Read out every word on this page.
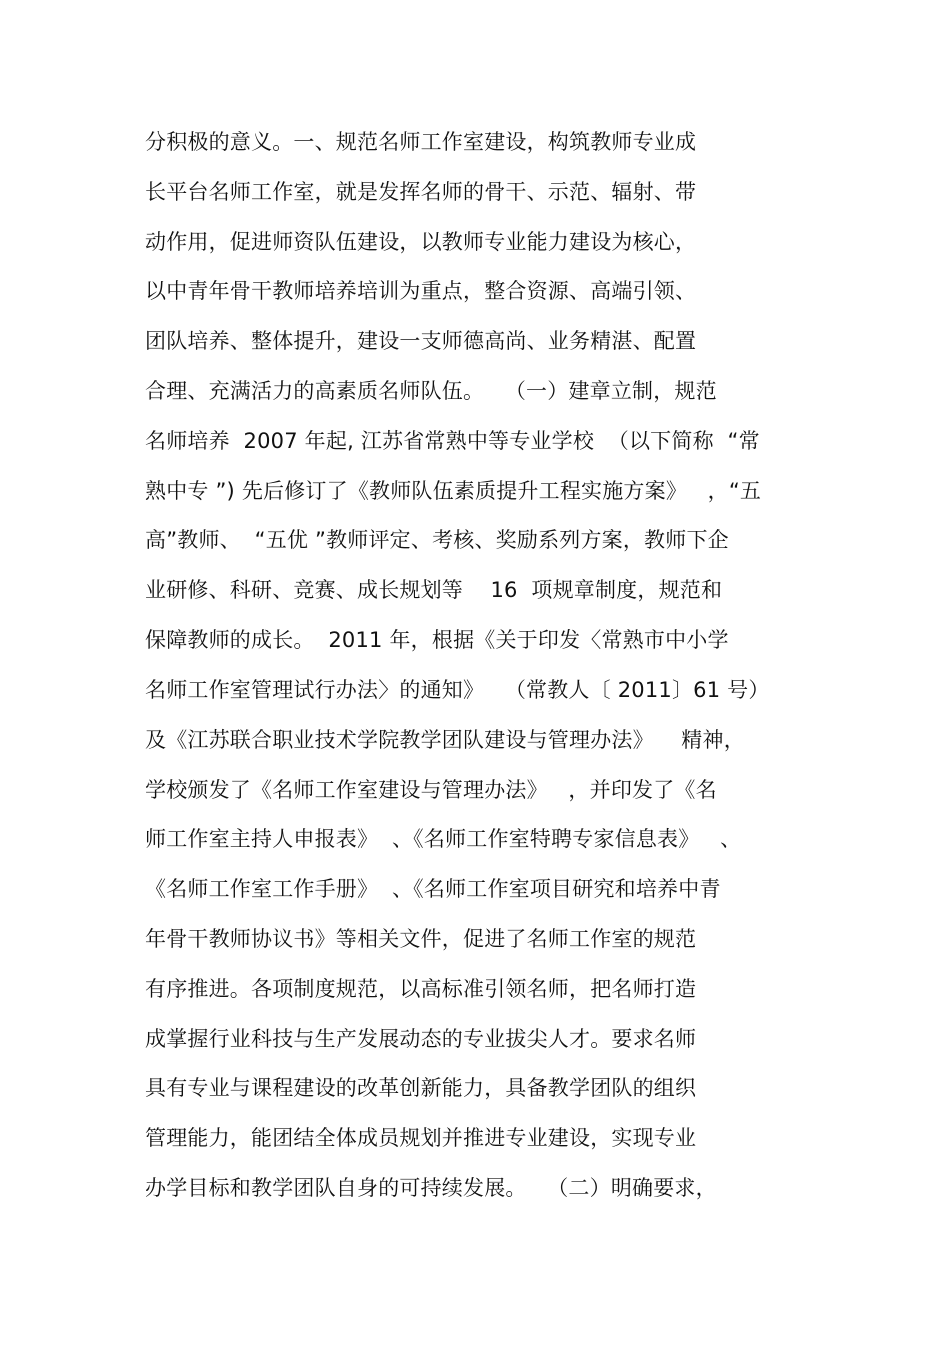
分积极的意义。一、规范名师工作室建设，构筑教师专业成
长平台名师工作室，就是发挥名师的骨干、示范、辐射、带
动作用，促进师资队伍建设，以教师专业能力建设为核心，
以中青年骨干教师培养培训为重点，整合资源、高端引领、
团队培养、整体提升，建设一支师德高尚、业务精湛、配置
合理、充满活力的高素质名师队伍。   （一）建章立制，规范
名师培养  2007 年起, 江苏省常熟中等专业学校  （以下简称  “常
熟中专 ”) 先后修订了《教师队伍素质提升工程实施方案》   ，“五
高”教师、  “五优 ”教师评定、考核、奖励系列方案，教师下企
业研修、科研、竞赛、成长规划等    16  项规章制度，规范和
保障教师的成长。  2011 年，根据《关于印发〈常熟市中小学
名师工作室管理试行办法〉的通知》   （常教人〔 2011〕61 号）
及《江苏联合职业技术学院教学团队建设与管理办法》    精神，
学校颁发了《名师工作室建设与管理办法》   ，并印发了《名
师工作室主持人申报表》  、《名师工作室特聘专家信息表》   、
《名师工作室工作手册》  、《名师工作室项目研究和培养中青
年骨干教师协议书》等相关文件，促进了名师工作室的规范
有序推进。各项制度规范，以高标准引领名师，把名师打造
成掌握行业科技与生产发展动态的专业拔尖人才。要求名师
具有专业与课程建设的改革创新能力，具备教学团队的组织
管理能力，能团结全体成员规划并推进专业建设，实现专业
办学目标和教学团队自身的可持续发展。   （二）明确要求，
